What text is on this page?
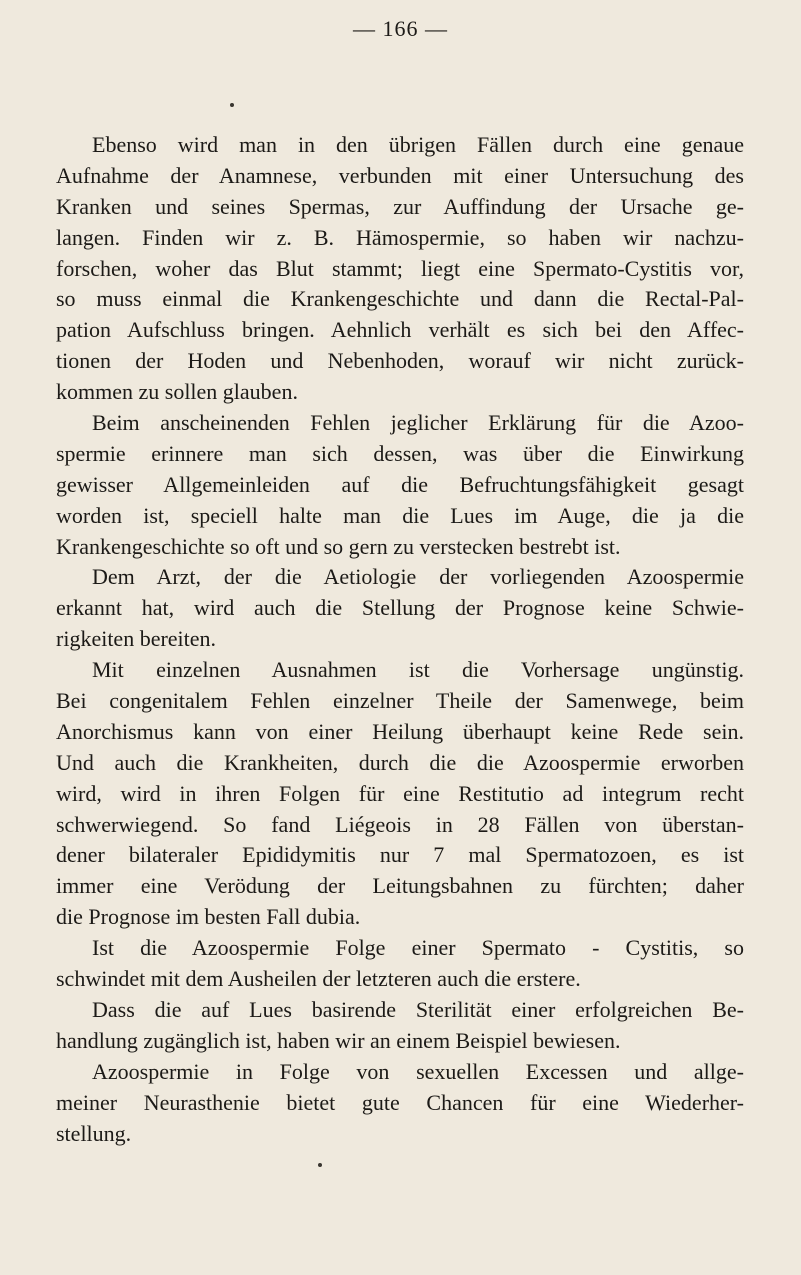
— 166 —
Ebenso wird man in den übrigen Fällen durch eine genaue
Aufnahme der Anamnese, verbunden mit einer Untersuchung des
Kranken und seines Spermas, zur Auffindung der Ursache ge-
langen. Finden wir z. B. Hämospermie, so haben wir nachzu-
forschen, woher das Blut stammt; liegt eine Spermato-Cystitis vor,
so muss einmal die Krankengeschichte und dann die Rectal-Pal-
pation Aufschluss bringen. Aehnlich verhält es sich bei den Affec-
tionen der Hoden und Nebenhoden, worauf wir nicht zurück-
kommen zu sollen glauben.
Beim anscheinenden Fehlen jeglicher Erklärung für die Azoo-
spermie erinnere man sich dessen, was über die Einwirkung
gewisser Allgemeinleiden auf die Befruchtungsfähigkeit gesagt
worden ist, speciell halte man die Lues im Auge, die ja die
Krankengeschichte so oft und so gern zu verstecken bestrebt ist.
Dem Arzt, der die Aetiologie der vorliegenden Azoospermie
erkannt hat, wird auch die Stellung der Prognose keine Schwie-
rigkeiten bereiten.
Mit einzelnen Ausnahmen ist die Vorhersage ungünstig.
Bei congenitalem Fehlen einzelner Theile der Samenwege, beim
Anorchismus kann von einer Heilung überhaupt keine Rede sein.
Und auch die Krankheiten, durch die die Azoospermie erworben
wird, wird in ihren Folgen für eine Restitutio ad integrum recht
schwerwiegend. So fand Liégeois in 28 Fällen von überstan-
dener bilateraler Epididymitis nur 7 mal Spermatozoen, es ist
immer eine Verödung der Leitungsbahnen zu fürchten; daher
die Prognose im besten Fall dubia.
Ist die Azoospermie Folge einer Spermato - Cystitis, so
schwindet mit dem Ausheilen der letzteren auch die erstere.
Dass die auf Lues basirende Sterilität einer erfolgreichen Be-
handlung zugänglich ist, haben wir an einem Beispiel bewiesen.
Azoospermie in Folge von sexuellen Excessen und allge-
meiner Neurasthenie bietet gute Chancen für eine Wiederher-
stellung.
